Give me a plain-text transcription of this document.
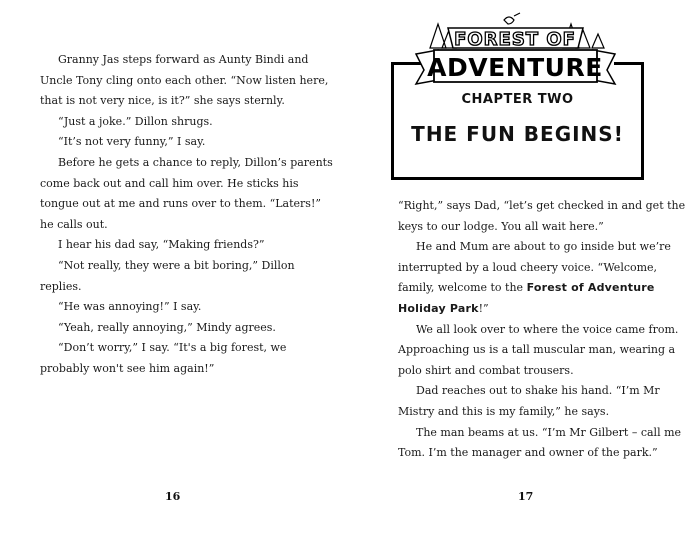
Granny Jas steps forward as Aunty Bindi and
Uncle Tony cling onto each other. “Now listen here,
that is not very nice, is it?” she says sternly.
“Just a joke.” Dillon shrugs.
“It’s not very funny,” I say.
Before he gets a chance to reply, Dillon’s parents
come back out and call him over. He sticks his
tongue out at me and runs over to them. “Laters!”
he calls out.
I hear his dad say, “Making friends?”
“Not really, they were a bit boring,” Dillon
replies.
“He was annoying!” I say.
“Yeah, really annoying,” Mindy agrees.
“Don’t worry,” I say. “It's a big forest, we
probably won't see him again!”
16
FOREST OF
ADVENTURE
CHAPTER TWO
THE FUN BEGINS!
“Right,” says Dad, “let’s get checked in and get the
keys to our lodge. You all wait here.”
He and Mum are about to go inside but we’re
interrupted by a loud cheery voice. “Welcome,
family, welcome to the Forest of Adventure
Holiday Park!”
We all look over to where the voice came from.
Approaching us is a tall muscular man, wearing a
polo shirt and combat trousers.
Dad reaches out to shake his hand. “I’m Mr
Mistry and this is my family,” he says.
The man beams at us. “I’m Mr Gilbert – call me
Tom. I’m the manager and owner of the park.”
17
